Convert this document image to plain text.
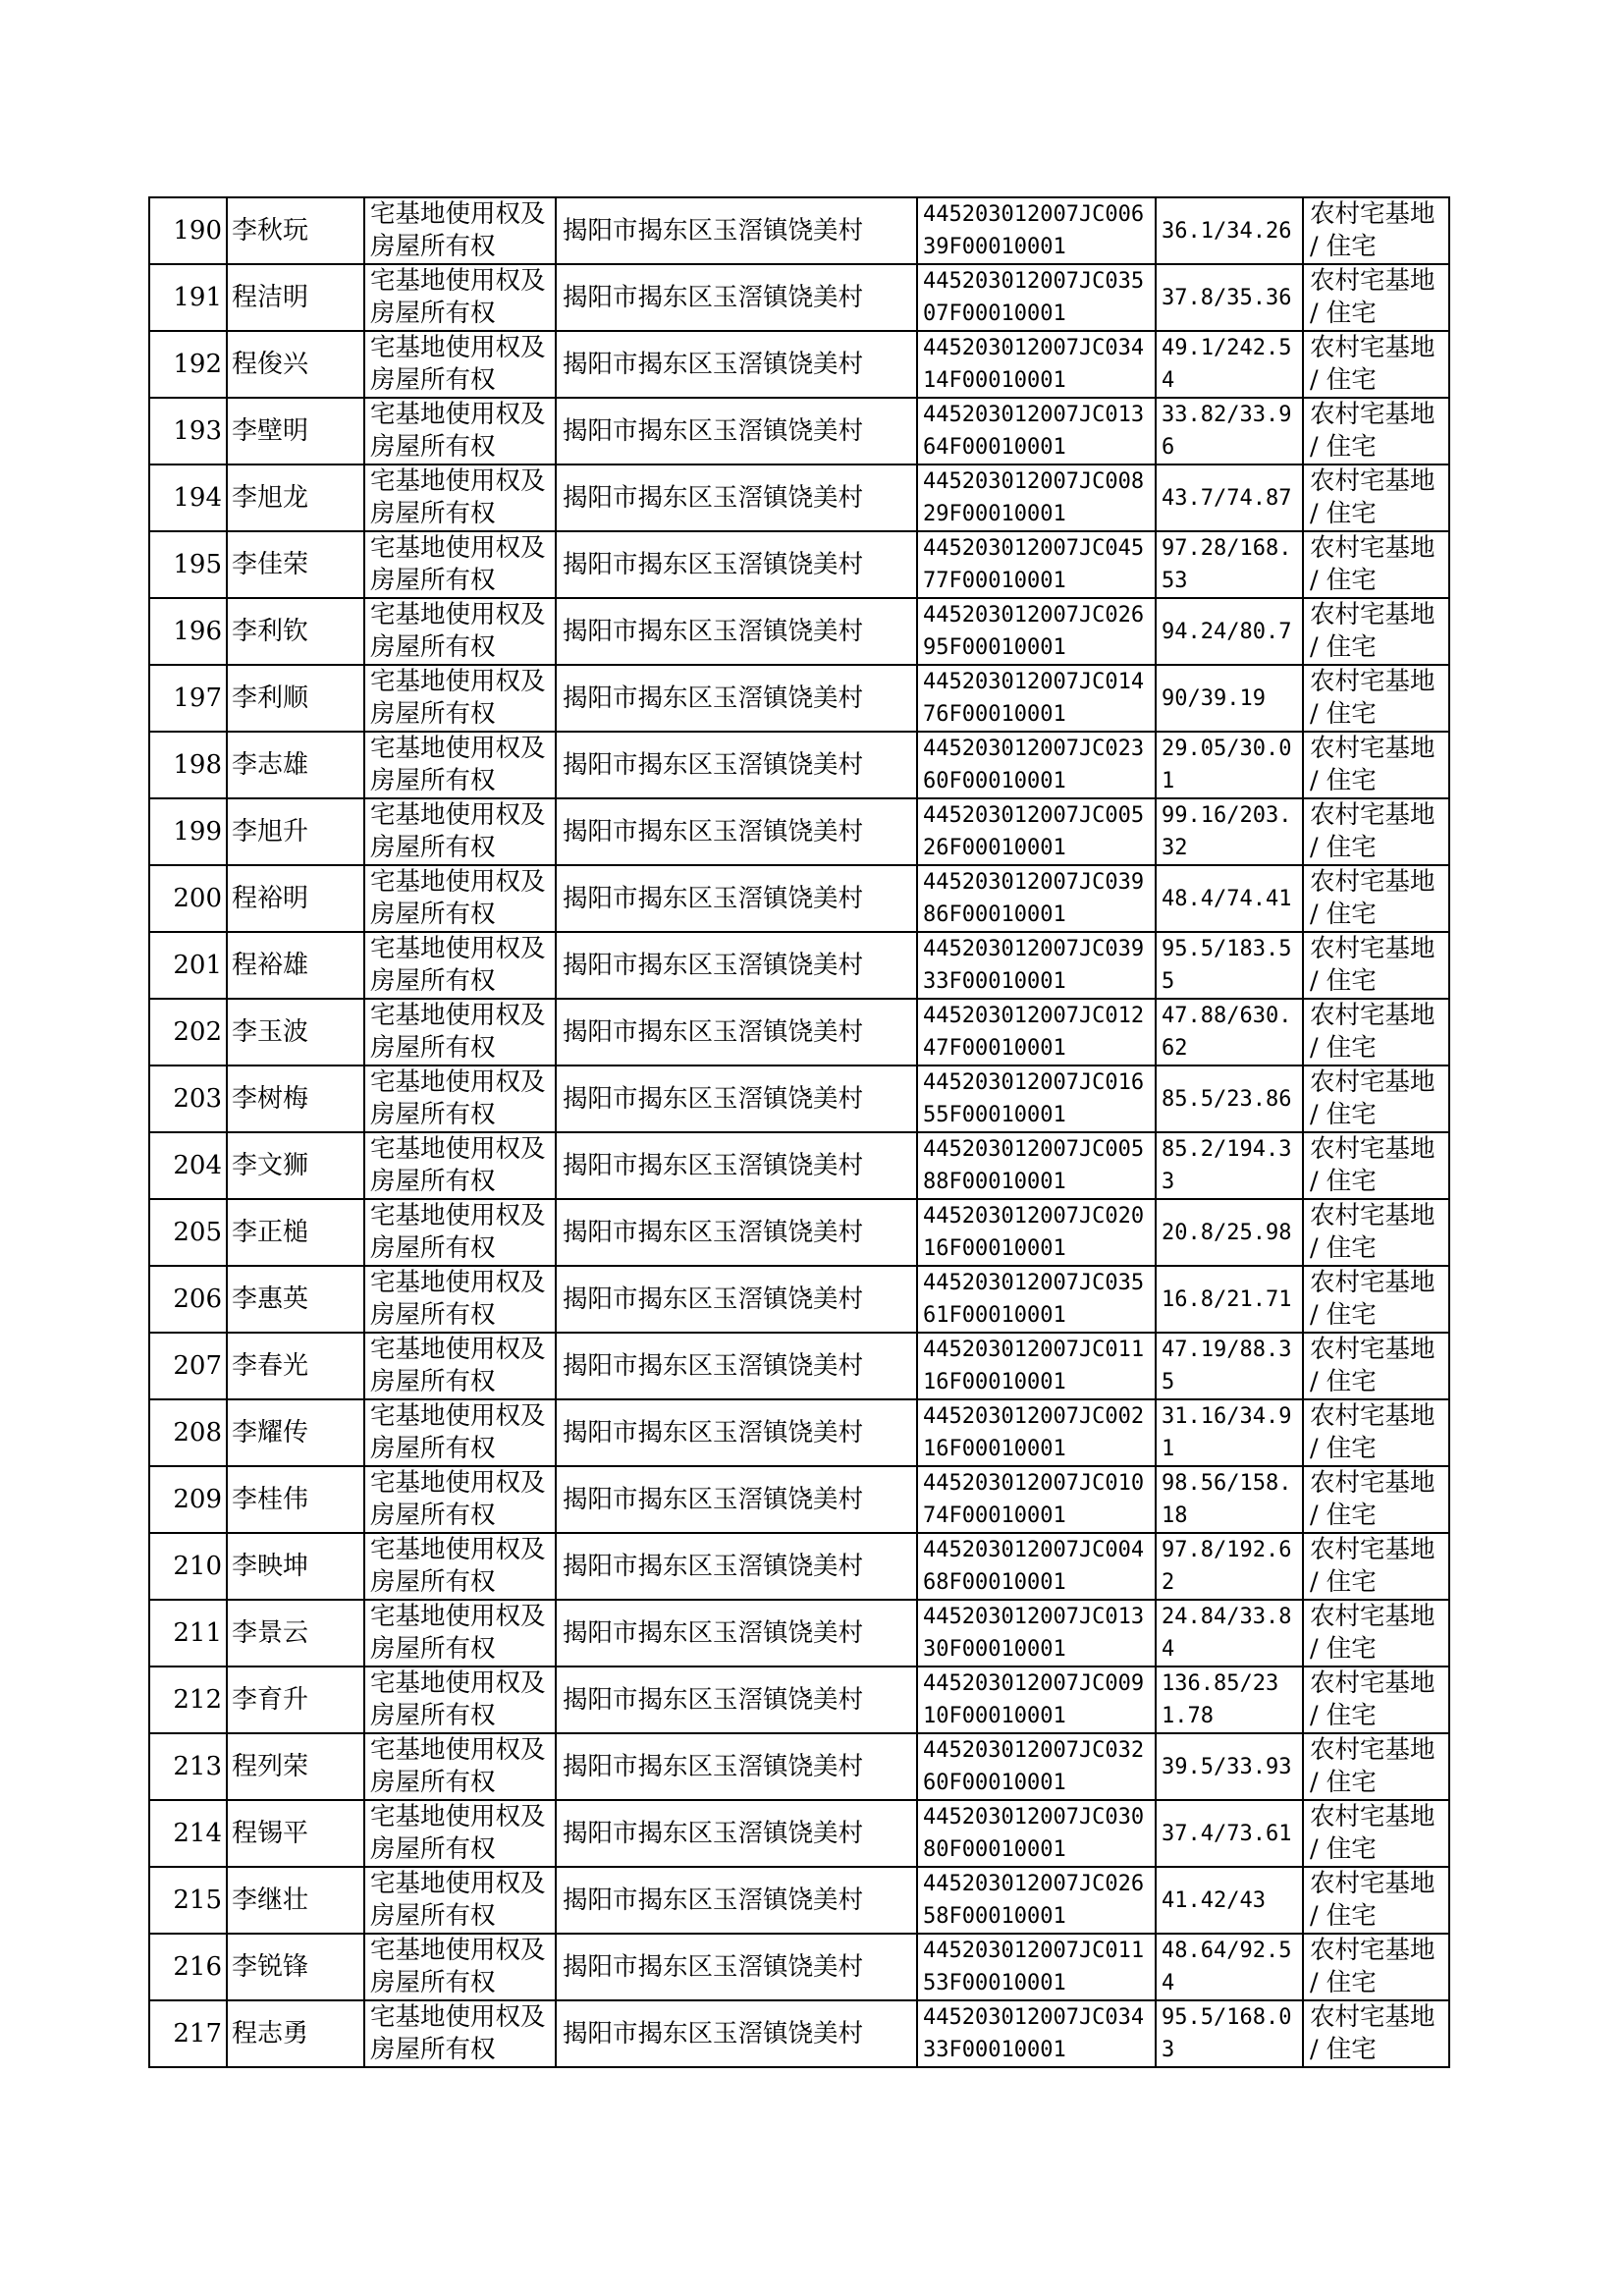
190	李秋玩	宅基地使用权及房屋所有权	揭阳市揭东区玉滘镇饶美村	445203012007JC00639F00010001	36.1/34.26	农村宅基地 / 住宅

191	程洁明	宅基地使用权及房屋所有权	揭阳市揭东区玉滘镇饶美村	445203012007JC03507F00010001	37.8/35.36	农村宅基地 / 住宅

192	程俊兴	宅基地使用权及房屋所有权	揭阳市揭东区玉滘镇饶美村	445203012007JC03414F00010001	49.1/242.54	农村宅基地 / 住宅

193	李壁明	宅基地使用权及房屋所有权	揭阳市揭东区玉滘镇饶美村	445203012007JC01364F00010001	33.82/33.96	农村宅基地 / 住宅

194	李旭龙	宅基地使用权及房屋所有权	揭阳市揭东区玉滘镇饶美村	445203012007JC00829F00010001	43.7/74.87	农村宅基地 / 住宅

195	李佳荣	宅基地使用权及房屋所有权	揭阳市揭东区玉滘镇饶美村	445203012007JC04577F00010001	97.28/168.53	农村宅基地 / 住宅

196	李利钦	宅基地使用权及房屋所有权	揭阳市揭东区玉滘镇饶美村	445203012007JC02695F00010001	94.24/80.7	农村宅基地 / 住宅

197	李利顺	宅基地使用权及房屋所有权	揭阳市揭东区玉滘镇饶美村	445203012007JC01476F00010001	90/39.19	农村宅基地 / 住宅

198	李志雄	宅基地使用权及房屋所有权	揭阳市揭东区玉滘镇饶美村	445203012007JC02360F00010001	29.05/30.01	农村宅基地 / 住宅

199	李旭升	宅基地使用权及房屋所有权	揭阳市揭东区玉滘镇饶美村	445203012007JC00526F00010001	99.16/203.32	农村宅基地 / 住宅

200	程裕明	宅基地使用权及房屋所有权	揭阳市揭东区玉滘镇饶美村	445203012007JC03986F00010001	48.4/74.41	农村宅基地 / 住宅

201	程裕雄	宅基地使用权及房屋所有权	揭阳市揭东区玉滘镇饶美村	445203012007JC03933F00010001	95.5/183.55	农村宅基地 / 住宅

202	李玉波	宅基地使用权及房屋所有权	揭阳市揭东区玉滘镇饶美村	445203012007JC01247F00010001	47.88/630.62	农村宅基地 / 住宅

203	李树梅	宅基地使用权及房屋所有权	揭阳市揭东区玉滘镇饶美村	445203012007JC01655F00010001	85.5/23.86	农村宅基地 / 住宅

204	李文狮	宅基地使用权及房屋所有权	揭阳市揭东区玉滘镇饶美村	445203012007JC00588F00010001	85.2/194.33	农村宅基地 / 住宅

205	李正槌	宅基地使用权及房屋所有权	揭阳市揭东区玉滘镇饶美村	445203012007JC02016F00010001	20.8/25.98	农村宅基地 / 住宅

206	李惠英	宅基地使用权及房屋所有权	揭阳市揭东区玉滘镇饶美村	445203012007JC03561F00010001	16.8/21.71	农村宅基地 / 住宅

207	李春光	宅基地使用权及房屋所有权	揭阳市揭东区玉滘镇饶美村	445203012007JC01116F00010001	47.19/88.35	农村宅基地 / 住宅

208	李耀传	宅基地使用权及房屋所有权	揭阳市揭东区玉滘镇饶美村	445203012007JC00216F00010001	31.16/34.91	农村宅基地 / 住宅

209	李桂伟	宅基地使用权及房屋所有权	揭阳市揭东区玉滘镇饶美村	445203012007JC01074F00010001	98.56/158.18	农村宅基地 / 住宅

210	李映坤	宅基地使用权及房屋所有权	揭阳市揭东区玉滘镇饶美村	445203012007JC00468F00010001	97.8/192.62	农村宅基地 / 住宅

211	李景云	宅基地使用权及房屋所有权	揭阳市揭东区玉滘镇饶美村	445203012007JC01330F00010001	24.84/33.84	农村宅基地 / 住宅

212	李育升	宅基地使用权及房屋所有权	揭阳市揭东区玉滘镇饶美村	445203012007JC00910F00010001	136.85/231.78	农村宅基地 / 住宅

213	程列荣	宅基地使用权及房屋所有权	揭阳市揭东区玉滘镇饶美村	445203012007JC03260F00010001	39.5/33.93	农村宅基地 / 住宅

214	程锡平	宅基地使用权及房屋所有权	揭阳市揭东区玉滘镇饶美村	445203012007JC03080F00010001	37.4/73.61	农村宅基地 / 住宅

215	李继壮	宅基地使用权及房屋所有权	揭阳市揭东区玉滘镇饶美村	445203012007JC02658F00010001	41.42/43	农村宅基地 / 住宅

216	李锐锋	宅基地使用权及房屋所有权	揭阳市揭东区玉滘镇饶美村	445203012007JC01153F00010001	48.64/92.54	农村宅基地 / 住宅

217	程志勇	宅基地使用权及房屋所有权	揭阳市揭东区玉滘镇饶美村	445203012007JC03433F00010001	95.5/168.03	农村宅基地 / 住宅
